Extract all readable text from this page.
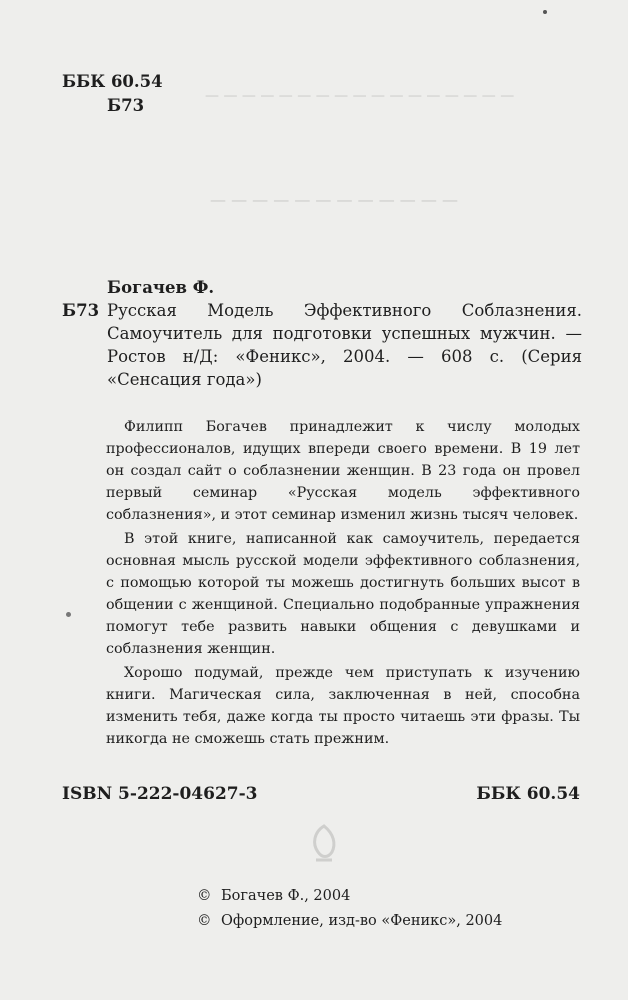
— — — — — — — — — — — — — — — — —
— — — — — — — — — — — —
ББК 60.54
Б73
Богачев Ф.
Б73 Русская Модель Эффективного Соблазнения. Самоучитель для подготовки успешных мужчин. — Ростов н/Д: «Феникс», 2004. — 608 с. (Серия «Сенсация года»)

Филипп Богачев принадлежит к числу молодых профессионалов, идущих впереди своего времени. В 19 лет он создал сайт о соблазнении женщин. В 23 года он провел первый семинар «Русская модель эффективного соблазнения», и этот семинар изменил жизнь тысяч человек.

В этой книге, написанной как самоучитель, передается основная мысль русской модели эффективного соблазнения, с помощью которой ты можешь достигнуть больших высот в общении с женщиной. Специально подобранные упражнения помогут тебе развить навыки общения с девушками и соблазнения женщин.

Хорошо подумай, прежде чем приступать к изучению книги. Магическая сила, заключенная в ней, способна изменить тебя, даже когда ты просто читаешь эти фразы. Ты никогда не сможешь стать прежним.

ISBN 5-222-04627-3	ББК 60.54
© Богачев Ф., 2004
© Оформление, изд-во «Феникс», 2004
